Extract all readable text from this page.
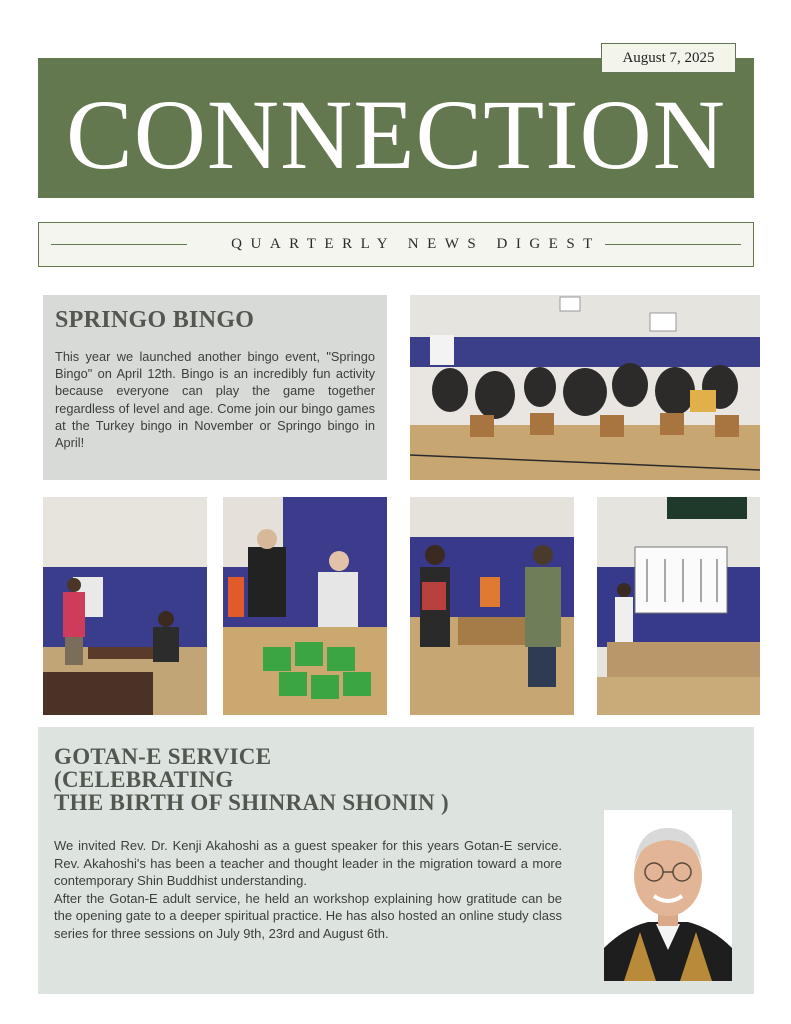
August 7, 2025
CONNECTION
QUARTERLY NEWS DIGEST
SPRINGO BINGO
This year we launched another bingo event, "Springo Bingo" on April 12th. Bingo is an incredibly fun activity because everyone can play the game together regardless of level and age. Come join our bingo games at the Turkey bingo in November or Springo bingo in April!
GOTAN-E SERVICE
(CELEBRATING
THE BIRTH OF SHINRAN SHONIN )

We invited Rev. Dr. Kenji Akahoshi as a guest speaker for this years Gotan-E service. Rev. Akahoshi's has been a teacher and thought leader in the migration toward a more contemporary Shin Buddhist understanding.

After the Gotan-E adult service, he held an workshop explaining how gratitude can be the opening gate to a deeper spiritual practice. He has also hosted an online study class series for three sessions on July 9th, 23rd and August 6th.
